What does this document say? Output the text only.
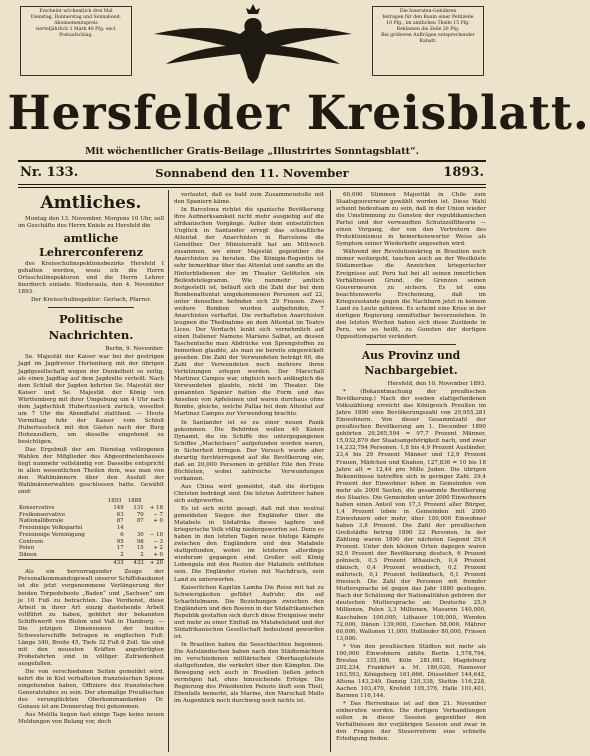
Erscheint wöchentlich drei Mal
Dienstag, Donnerstag und Sonnabend.
Abonnementspreis
vierteljährlich 1 Mark 40 Pfg. excl.
Postaufschlag.
Die Inseraten-Gebühren
betragen für den Raum einer Petitzeile
10 Pfg., im amtlichen Theile 15 Pfg.
Reklamen die Zeile 20 Pfg.
Bei größeren Aufträgen entsprechender
Rabatt.
Hersfelder Kreisblatt.
Mit wöchentlicher Gratis-Beilage „Illustrirtes Sonntagsblatt“.
Nr. 133.	Sonnabend den 11. November	1893.
Amtliches.

Montag den 13. November, Morgens 10 Uhr, soll im Geschäfte des Herrn Kniele zu Hersfeld die

amtliche Lehrerconferenz

des Kreisschulinspektionsbezirks Hersfeld I gehalten werden, wozu ich die Herrn Ortsschulinspektoren und die Herrn Lehrer hierdurch einlade. Niederaula, den 4. November 1893.

Der Kreisschulinspektor: Gerlach, Pfarrer.
Politische Nachrichten.
Berlin, 9. November.

Se. Majestät der Kaiser war bei der gestrigen Jagd im Jagdrevier Hertenburg mit der übrigen Jagdgesellschaft wegen der Dunkelheit so zeitig, als einen Jagdtag auf dem Jagdzelte verteilt. Nach dem Schluß der Jagden kehrten Se. Majestät der Kaiser und Se. Majestät der König von Württemberg mit ihrer Umgebung um 4 Uhr nach dem Jagdschloß Hubertusstock zurück, woselbst um 7 Uhr die Abendtafel stattfand. — Heute Vormittag fuhr der Kaiser vom Schloß Hubertusstock mit den Gästen nach der Burg Hohenzollern, um dieselbe eingehend zu besichtigen.

Das Ergebniß der am Dienstag vollzogenen Wahlen der Mitglieder des Abgeordnetenhauses liegt nunmehr vollständig vor. Dasselbe entspricht in allen wesentlichen Theilen dem, was man von den Wahlmännern über den Ausfall der Wahlmännerwahlen geschlossen hatte. Gewählt sind:

	1893	1888	
Konservative	149	131	+ 18
Freikonservative	63	70	− 7
Nationalliberale	87	87	+ 0
Freisinnige Volkspartei	14		
Freisinnige Vereinigung	6	30	− 10
Centrum	95	98	− 3
Polen	17	15	+ 2
Dänen	2	2	+ 0
	433	433	+ 20

Als ein hervorragender Zeuge der Personalkommandogewalt unserer Schiffsbaukunst ist die jetzt vorgenommene Verlängerung der beiden Torpedoboote „Baden“ und „Sachsen“ um je 10 Fuß zu betrachten. Das Verdienst, diese Arbeit in ihrer Art einzig dastehende Arbeit vollführt zu haben, gebührt der bekannten Schiffswerft von Blohm und Voß in Hamburg. — Die jetzigen Dimensionen der beiden Schwesterschiffe betragen in englischen Fuß: Länge 340, Breite 45, Tiefe 32 Fuß 6 Zoll. Sie sind mit den neuesten Kräften angefertigten Probefahrten sind in völliger Zufriedenheit ausgefallen.

Die von verschiedenen Seiten gemeldet wird, kehrt die in Kiel verhafteten französischen Spione eingehenden haben, Offiziere des französischen Generalstabes zu sein. Der ehemalige Preußischen des verunglückten Oberkommandanten Dr. Gunaux ist am Donnerstag frei gekommen.

Aus Melilla liegen fast einige Tage keine neuen Meldungen von Belang vor, doch

verlautet, daß es bald zum Zusammenstoße mit den Spaniern käme.

In Barcelona richtet die spanische Bevölkerung ihre Aufmerksamkeit nicht mehr ausgiebig auf die afrikanischen Vorgänge. Außer dem entsetzlichen Unglück in Santander erregt das scheußliche Attentat der Anarchisten in Barcelona die Gemüther. Der Ministerrath hat am Mittwoch zusammen, wo einer Majestät gegenüber die Anarchisten zu beraten. Die Königin-Regentin ist sehr bemerkbar über das Attentat und sandte an die Hinterbliebenen der im Theater Getöteten ein Beileidstelegramm. Wie nunmehr amtlich festgestellt ist, beläuft sich die Zahl der bei dem Bombenattentat umgekommenen Personen auf 22, unter denselben befinden sich 29 Frauen. Zwei weitere Bomben wurden aufgefunden, 7 Anarchisten verhaftet. Die verhafteten Anarchisten leugnen die Theilnahme an dem Attentat im Teatro Liceo. Der Verdacht lenkt sich vornehmlich auf einen Italiener Namens Mariano Salbat, an dessen Taschentuche man Abdrücke von Sprengstoffen zu bemerken glaubte, als man sie bereits eingewickelt gesehen. Die Zahl der Verwundeten beträgt 60, die Zahl der Verwundeten noch mehrere ihren Verletzungen erlegen werden. Der Marschall Martinez Campos war, obgleich noch anfänglich die Verwundeten glaubte, nicht im Theater. Die genannten Spanier hatten die Form und das Ansehen von Apfelsinen und waren durchaus ohne Bombe, gleiche, welche Pallas bei dem Attentat auf Martinez Campos zur Verwendung brachte.

In Santander ist es zu einer neuen Panik gekommen. Die Behörden wollen 40 Kisten Dynamit, die im Schiffe des untergegangenen Schiffes „Machichaco“ aufgefunden worden waren, in Sicherheit bringen. Der Versuch wurde aber derartig furchterregend auf die Bevölkerung ein, daß an 20,000 Personen in größter Eile den Freie flüchteten, wobei zahlreiche Verwundungen vorkamen.

Aus China wird gemeldet, daß die dortigen Christen bedrängt sind. Die letzten Aufrührer haben sich aufgeworfen.

Es ist sich nicht gesagt, daß mit den neutral gemeldeten Siegen der Engländer über die Matabele in Südafrika dieses tapfere und kriegerische Volk völlig niedergeworfen sei. Denn es haben in den letzten Tagen neue blutige Kämpfe zwischen den Engländern und den Matabele stattgefunden, wobei im letzteren allerdings wiederum gegangen sind. Großer soll König Lobengula mit den Resten der Matabele entflohen sein. Die Engländer rüsten mit Nachdruck, sein Land zu unterwerfen.

Kaiserlichen Kapitän Lamba Die Reise mit hat zu Schwierigkeiten geführt Aufruhr, die auf Schachtelmann. Die Beziehungen zwischen den Engländern und den Boeren in der Südafrikanischen Republik gestalten sich durch diese Ereignisse mehr und mehr zu einer Einfluß im Matabeleland und der Südafrikanischen Gesellschaft bedeutend geworden ist.

In Brasilien haben die Seeschlachten begonnen. Die Aufständischen haben nach den Städtemächten im verschiedenen militärischen Oberhauptsleute stattgefunden, die verkehrt über den Kämpfen. Die Bewegung sich auch in Brasilien ließen jedoch vermögen hat, ohne hinreichende Erfolge. Die Regierung des Präsidenten Peixoto läuft sein Theil, Ebenfalls bemerkt, als Marine, den Marschall Mello im Augenblick noch durchweg noch nichts ist.

60,000 Stimmen Majorität in Chile zum Staatsgouverneur gewählt worden ist. Diese Wahl scheint bedeutsam zu sein, daß in der Union wieder die Umstimmung zu Gunsten der republikanischen Partei und der verwandten Schutzzolltheorie — einen Vorgang, der von den Vertretern des Protektionismus in bemerkenswerter Weise als Symptom seiner Wiederkehr angesehen wird.

Während der Revolutionskrieg in Brasilien noch immer weitergeht, tauchen auch an der Westküste Südamerikas die Anzeichen kriegerischer Ereignisse auf. Peru hat bei all seinen innerlichen Verhältnissen Grund, die Grenzen seinen Gouverneuren zu sichern. Es ist eine beachtenswerte Erscheinung, daß im Kriegszustande gegen die Nachbarn jetzt in keinem Land zu Leute gehören. Es scheint eine Krise in der dortigen Regierung unmittelbar bevorzustehen. In den letzten Wochen haben sich diese Zustände in Peru, wie es heißt, zu Gunsten der dortigen Oppositionspartei verändert.

Aus Provinz und Nachbargebiet.
Hersfeld, den 10. November 1893.

* (Bekanntmachung der preußischen Bevölkerung.) Nach der soeben stattgefundenen Volkszählung erreicht das Königreich Preußen im Jahre 1890 eine Bevölkerungszahl von 29,955,281 Einwohnern. Von dieser Gesammtzahl der preußischen Bevölkerung am 1. December 1890 gehörten 29,265,594 = 97,7 Prozent Männer, 15,032,870 der Staatsangehörigkeit nach, und zwar 14,232,794 Personen. 1,8 bis 4,9 Prozent Ausländer, 23,4 bis 29 Prozent Männer und 12,9 Prozent Frauen, Mädchen und Knaben, 127,836 = 10 bis 18 Jahre alt = 12,44 pro Mille Juden. Die übrigen Bekenntnisse betreffen sich in geringer Zahl. 29,4 Prozent der Einwohner leben in Gemeinden von mehr als 2000 Seelen, die gesammte Bevölkerung des Staates. Die Gemeinden unter 2000 Einwohnern haben einen Anteil von 17,3 Prozent aller Bürger, 1,4 Prozent leben in Gemeinden mit 2000 Einwohnern oder mehr, über 100,000 Einwohner haben 3,8 Prozent. Die Zahl der preußischen Großstädte betrug 1890 22 Personen. In der Zählung waren 1890 der nächsten Gegend 29,6 Prozent. Unter den kleinen Orten dagegen waren 92,0 Prozent der Bevölkerung deutsch, 6 Prozent polnisch, 0,3 Prozent lithauisch, 0,4 Prozent dänisch, 0,4 Prozent wendisch, 0,2 Prozent mährisch, 0,1 Prozent holländisch, 0,1 Prozent friesisch. Die Zahl der Personen mit fremder Muttersprache ist gegen das Jahr 1880 gestiegen. Nach der Schätzung der Nationalitäten gehören der deutschen Muttersprache an: Deutsche 25,9 Millionen, Polen 3,3 Millionen, Masuren 140,000, Kaschuben 100,000, Lithauer 109,000, Wenden 72,000, Dänen 139,000, Czechen 58,000, Mährer 60,000, Wallonen 11,000, Holländer 80,000, Friesen 13,000.

* Von den preußischen Städten mit mehr als 100,000 Einwohnern zählte Berlin 1,578,794, Breslau 335,186, Köln 281,681, Magdeburg 202,234, Frankfurt a. M. 180,020, Hannover 163,593, Königsberg 161,666, Düsseldorf 144,642, Altona 143,249, Danzig 120,338, Stettin 116,228, Aachen 103,470, Krefeld 105,376, Halle 101,401, Barmen 116,144.

* Das Herrenhaus ist auf den 21. November einberufen worden. Die dortigen Verhandlungen sollen in dieser Session gegenüber den Verhältnissen der vorjährigen Session und zwar in den Fragen der Steuerreform eine schnelle Erledigung finden.
